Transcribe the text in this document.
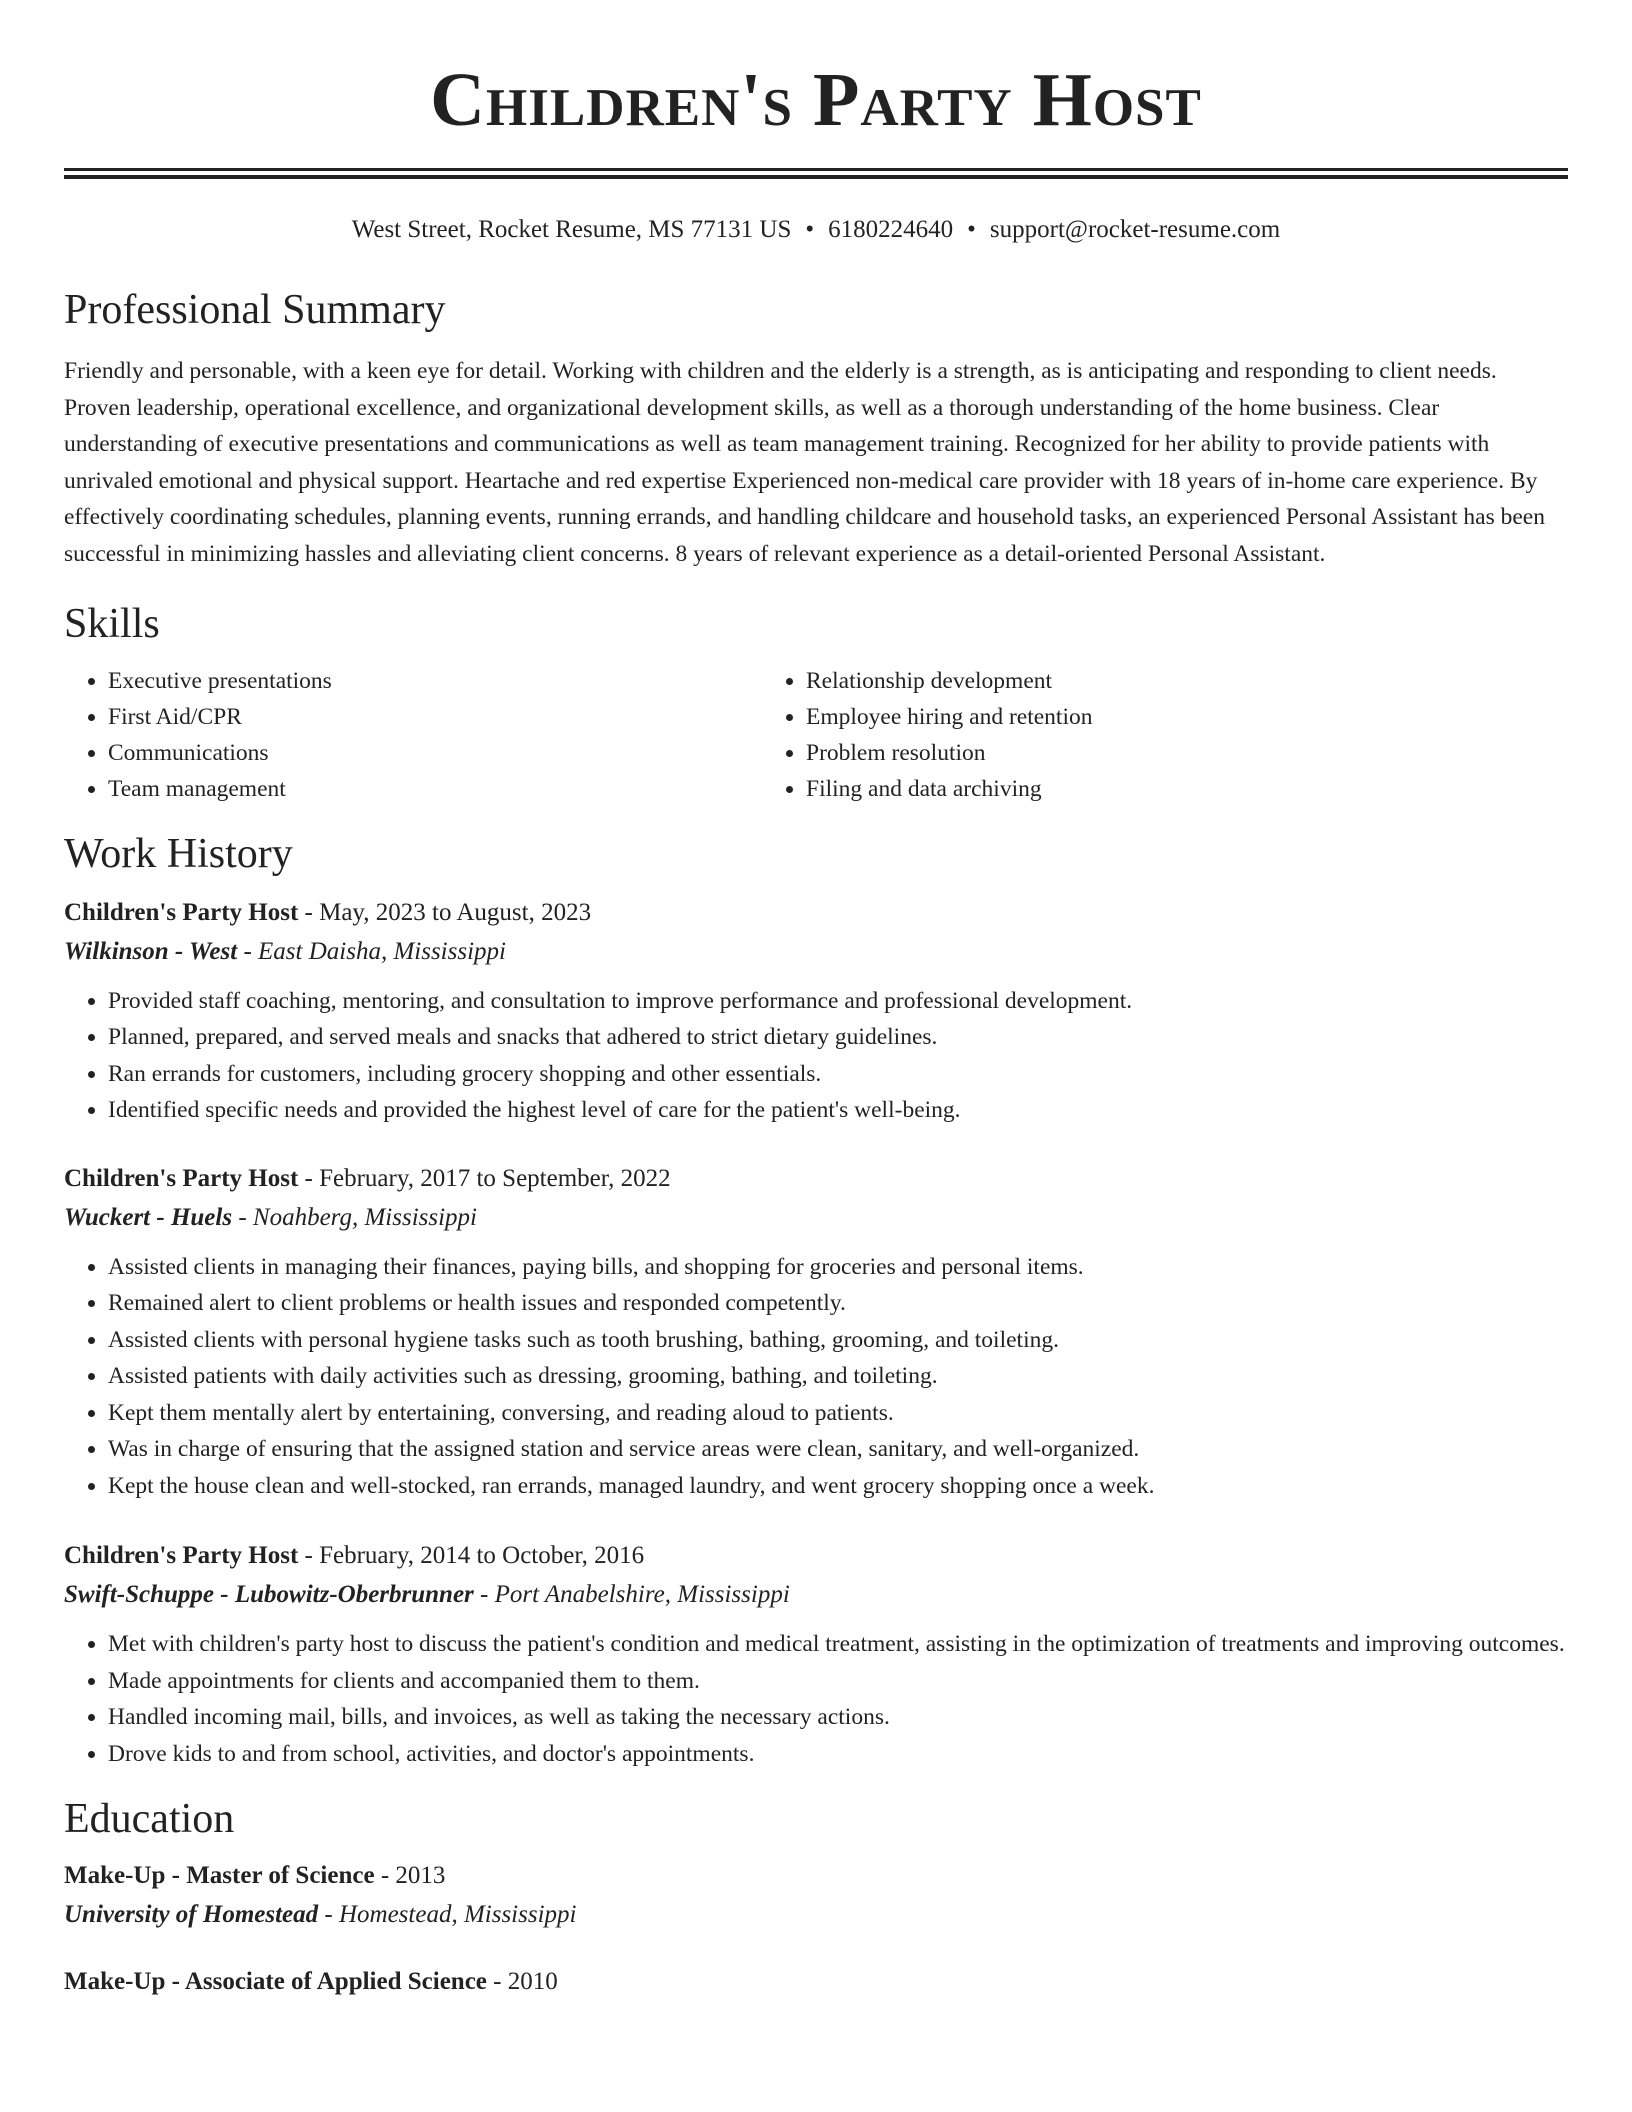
Children's Party Host
West Street, Rocket Resume, MS 77131 US • 6180224640 • support@rocket-resume.com
Professional Summary

Friendly and personable, with a keen eye for detail. Working with children and the elderly is a strength, as is anticipating and responding to client needs. Proven leadership, operational excellence, and organizational development skills, as well as a thorough understanding of the home business. Clear understanding of executive presentations and communications as well as team management training. Recognized for her ability to provide patients with unrivaled emotional and physical support. Heartache and red expertise Experienced non-medical care provider with 18 years of in-home care experience. By effectively coordinating schedules, planning events, running errands, and handling childcare and household tasks, an experienced Personal Assistant has been successful in minimizing hassles and alleviating client concerns. 8 years of relevant experience as a detail-oriented Personal Assistant.

Skills
• Executive presentations
• First Aid/CPR
• Communications
• Team management
• Relationship development
• Employee hiring and retention
• Problem resolution
• Filing and data archiving
Work History
Children's Party Host - May, 2023 to August, 2023
Wilkinson - West - East Daisha, Mississippi
• Provided staff coaching, mentoring, and consultation to improve performance and professional development.
• Planned, prepared, and served meals and snacks that adhered to strict dietary guidelines.
• Ran errands for customers, including grocery shopping and other essentials.
• Identified specific needs and provided the highest level of care for the patient's well-being.
Children's Party Host - February, 2017 to September, 2022
Wuckert - Huels - Noahberg, Mississippi
• Assisted clients in managing their finances, paying bills, and shopping for groceries and personal items.
• Remained alert to client problems or health issues and responded competently.
• Assisted clients with personal hygiene tasks such as tooth brushing, bathing, grooming, and toileting.
• Assisted patients with daily activities such as dressing, grooming, bathing, and toileting.
• Kept them mentally alert by entertaining, conversing, and reading aloud to patients.
• Was in charge of ensuring that the assigned station and service areas were clean, sanitary, and well-organized.
• Kept the house clean and well-stocked, ran errands, managed laundry, and went grocery shopping once a week.
Children's Party Host - February, 2014 to October, 2016
Swift-Schuppe - Lubowitz-Oberbrunner - Port Anabelshire, Mississippi
• Met with children's party host to discuss the patient's condition and medical treatment, assisting in the optimization of treatments and improving outcomes.
• Made appointments for clients and accompanied them to them.
• Handled incoming mail, bills, and invoices, as well as taking the necessary actions.
• Drove kids to and from school, activities, and doctor's appointments.
Education
Make-Up - Master of Science - 2013
University of Homestead - Homestead, Mississippi
Make-Up - Associate of Applied Science - 2010
